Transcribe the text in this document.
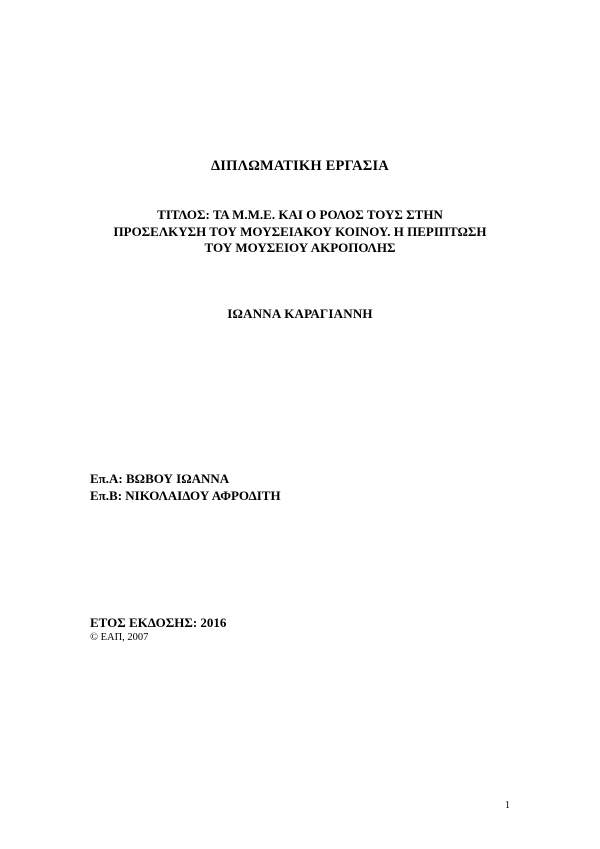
ΔΙΠΛΩΜΑΤΙΚΗ ΕΡΓΑΣΙΑ
ΤΙΤΛΟΣ: ΤΑ Μ.Μ.Ε. ΚΑΙ Ο ΡΟΛΟΣ ΤΟΥΣ ΣΤΗΝ
ΠΡΟΣΕΛΚΥΣΗ ΤΟΥ ΜΟΥΣΕΙΑΚΟΥ ΚΟΙΝΟΥ. Η ΠΕΡΙΠΤΩΣΗ
ΤΟΥ ΜΟΥΣΕΙΟΥ ΑΚΡΟΠΟΛΗΣ
ΙΩΑΝΝΑ ΚΑΡΑΓΙΑΝΝΗ
Επ.Α: ΒΩΒΟΥ ΙΩΑΝΝΑ
Επ.Β: ΝΙΚΟΛΑΙΔΟΥ ΑΦΡΟΔΙΤΗ
ΕΤΟΣ ΕΚΔΟΣΗΣ: 2016
© ΕΑΠ, 2007
1
